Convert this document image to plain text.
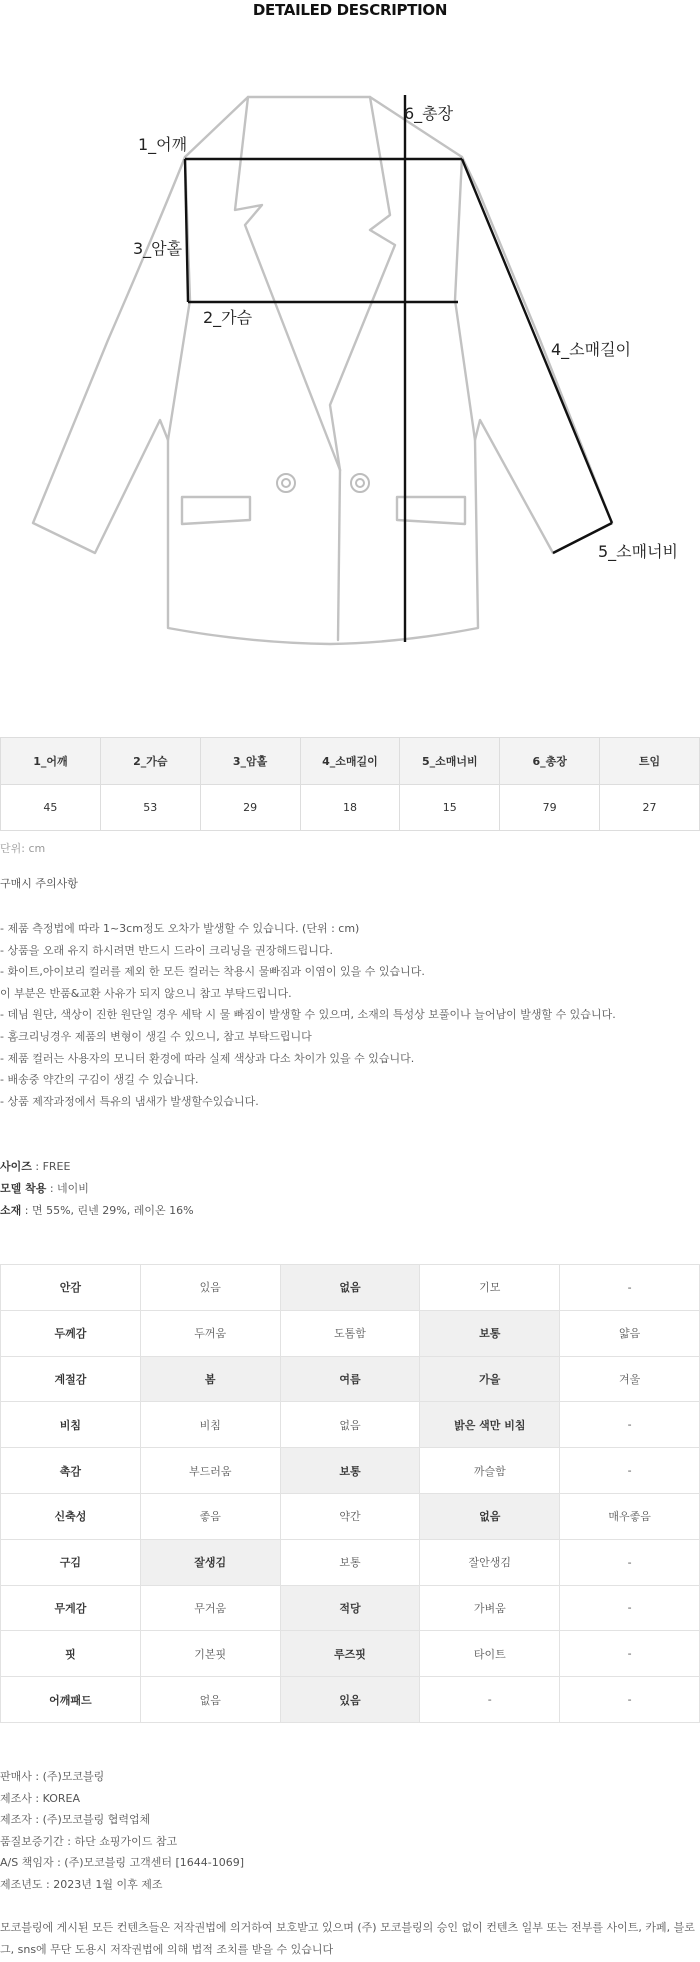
DETAILED DESCRIPTION
1_어깨
3_암홀
2_가슴
6_총장
4_소매길이
5_소매너비
1_어깨	2_가슴	3_암홀	4_소매길이	5_소매너비	6_총장	트임
45	53	29	18	15	79	27
단위: cm
구매시 주의사항
- 제품 측정법에 따라 1~3cm정도 오차가 발생할 수 있습니다. (단위 : cm)
- 상품을 오래 유지 하시려면 반드시 드라이 크리닝을 권장해드립니다.
- 화이트,아이보리 컬러를 제외 한 모든 컬러는 착용시 물빠짐과 이염이 있을 수 있습니다.
이 부분은 반품&교환 사유가 되지 않으니 참고 부탁드립니다.
- 데님 원단, 색상이 진한 원단일 경우 세탁 시 물 빠짐이 발생할 수 있으며, 소재의 특성상 보풀이나 늘어남이 발생할 수 있습니다.
- 홈크리닝경우 제품의 변형이 생길 수 있으니, 참고 부탁드립니다
- 제품 컬러는 사용자의 모니터 환경에 따라 실제 색상과 다소 차이가 있을 수 있습니다.
- 배송중 약간의 구김이 생길 수 있습니다.
- 상품 제작과정에서 특유의 냄새가 발생할수있습니다.
사이즈 : FREE
모델 착용 : 네이비
소재 : 면 55%, 린넨 29%, 레이온 16%
안감	있음	없음	기모	-
두께감	두꺼움	도톰함	보통	얇음
계절감	봄	여름	가을	겨울
비침	비침	없음	밝은 색만 비침	-
촉감	부드러움	보통	까슬함	-
신축성	좋음	약간	없음	매우좋음
구김	잘생김	보통	잘안생김	-
무게감	무거움	적당	가벼움	-
핏	기본핏	루즈핏	타이트	-
어깨패드	없음	있음	-	-
판매사 : (주)모코블링
제조사 : KOREA
제조자 : (주)모코블링 협력업체
품질보증기간 : 하단 쇼핑가이드 참고
A/S 책임자 : (주)모코블링 고객센터 [1644-1069]
제조년도 : 2023년 1월 이후 제조
모코블링에 게시된 모든 컨텐츠들은 저작권법에 의거하여 보호받고 있으며 (주) 모코블링의 승인 없이 컨텐츠 일부 또는 전부를 사이트, 카페, 블로그, sns에 무단 도용시 저작권법에 의해 법적 조치를 받을 수 있습니다
